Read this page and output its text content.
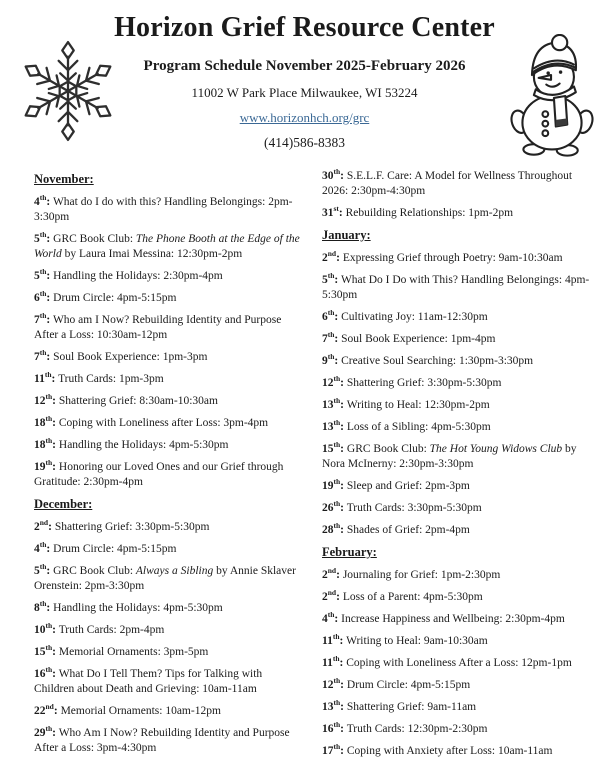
Horizon Grief Resource Center

Program Schedule November 2025-February 2026

11002 W Park Place Milwaukee, WI 53224

www.horizonhch.org/grc

(414)586-8383

November:

4th: What do I do with this? Handling Belongings: 2pm-3:30pm

5th: GRC Book Club: The Phone Booth at the Edge of the World by Laura Imai Messina: 12:30pm-2pm

5th: Handling the Holidays: 2:30pm-4pm

6th: Drum Circle: 4pm-5:15pm

7th: Who am I Now? Rebuilding Identity and Purpose After a Loss: 10:30am-12pm

7th: Soul Book Experience: 1pm-3pm

11th: Truth Cards: 1pm-3pm

12th: Shattering Grief: 8:30am-10:30am

18th: Coping with Loneliness after Loss: 3pm-4pm

18th: Handling the Holidays: 4pm-5:30pm

19th: Honoring our Loved Ones and our Grief through Gratitude: 2:30pm-4pm

December:

2nd: Shattering Grief: 3:30pm-5:30pm

4th: Drum Circle: 4pm-5:15pm

5th: GRC Book Club: Always a Sibling by Annie Sklaver Orenstein: 2pm-3:30pm

8th: Handling the Holidays: 4pm-5:30pm

10th: Truth Cards: 2pm-4pm

15th: Memorial Ornaments: 3pm-5pm

16th: What Do I Tell Them? Tips for Talking with Children about Death and Grieving: 10am-11am

22nd: Memorial Ornaments: 10am-12pm

29th: Who Am I Now? Rebuilding Identity and Purpose After a Loss: 3pm-4:30pm

30th: S.E.L.F. Care: A Model for Wellness Throughout 2026: 2:30pm-4:30pm

31st: Rebuilding Relationships: 1pm-2pm

January:

2nd: Expressing Grief through Poetry: 9am-10:30am

5th: What Do I Do with This? Handling Belongings: 4pm-5:30pm

6th: Cultivating Joy: 11am-12:30pm

7th: Soul Book Experience: 1pm-4pm

9th: Creative Soul Searching: 1:30pm-3:30pm

12th: Shattering Grief: 3:30pm-5:30pm

13th: Writing to Heal: 12:30pm-2pm

13th: Loss of a Sibling: 4pm-5:30pm

15th: GRC Book Club: The Hot Young Widows Club by Nora McInerny: 2:30pm-3:30pm

19th: Sleep and Grief: 2pm-3pm

26th: Truth Cards: 3:30pm-5:30pm

28th: Shades of Grief: 2pm-4pm

February:

2nd: Journaling for Grief: 1pm-2:30pm

2nd: Loss of a Parent: 4pm-5:30pm

4th: Increase Happiness and Wellbeing: 2:30pm-4pm

11th: Writing to Heal: 9am-10:30am

11th: Coping with Loneliness After a Loss: 12pm-1pm

12th: Drum Circle: 4pm-5:15pm

13th: Shattering Grief: 9am-11am

16th: Truth Cards: 12:30pm-2:30pm

17th: Coping with Anxiety after Loss: 10am-11am
